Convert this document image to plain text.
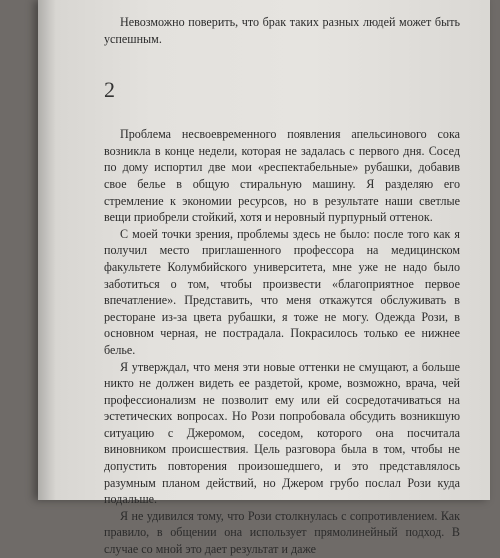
Невозможно поверить, что брак таких разных людей может быть успешным.

2

Проблема несвоевременного появления апельсинового сока возникла в конце недели, которая не задалась с первого дня. Сосед по дому испортил две мои «респектабельные» рубашки, добавив свое белье в общую стиральную машину. Я разделяю его стремление к экономии ресурсов, но в результате наши светлые вещи приобрели стойкий, хотя и неровный пурпурный оттенок.

С моей точки зрения, проблемы здесь не было: после того как я получил место приглашенного профессора на медицинском факультете Колумбийского университета, мне уже не надо было заботиться о том, чтобы произвести «благоприятное первое впечатление». Представить, что меня откажутся обслуживать в ресторане из-за цвета рубашки, я тоже не могу. Одежда Рози, в основном черная, не пострадала. Покрасилось только ее нижнее белье.

Я утверждал, что меня эти новые оттенки не смущают, а больше никто не должен видеть ее раздетой, кроме, возможно, врача, чей профессионализм не позволит ему или ей сосредотачиваться на эстетических вопросах. Но Рози попробовала обсудить возникшую ситуацию с Джеромом, соседом, которого она посчитала виновником происшествия. Цель разговора была в том, чтобы не допустить повторения произошедшего, и это представлялось разумным планом действий, но Джером грубо послал Рози куда подальше.

Я не удивился тому, что Рози столкнулась с сопротивлением. Как правило, в общении она использует прямолинейный подход. В случае со мной это дает результат и даже
